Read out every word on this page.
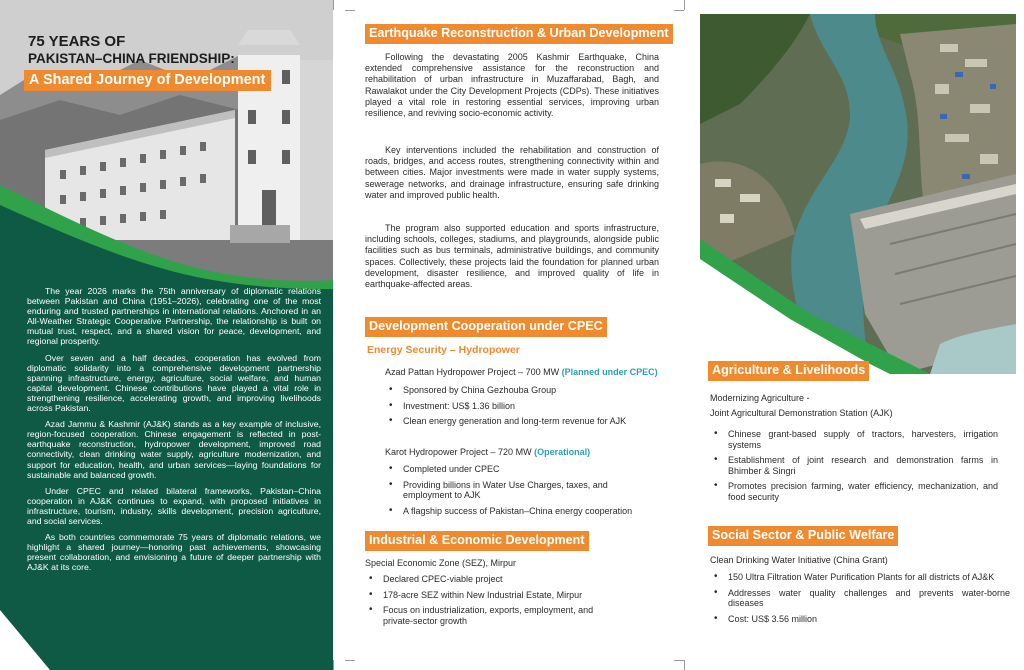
75 YEARS OF
PAKISTAN–CHINA FRIENDSHIP:
A Shared Journey of Development

The year 2026 marks the 75th anniversary of diplomatic relations between Pakistan and China (1951–2026), celebrating one of the most enduring and trusted partnerships in international relations. Anchored in an All-Weather Strategic Cooperative Partnership, the relationship is built on mutual trust, respect, and a shared vision for peace, development, and regional prosperity.

Over seven and a half decades, cooperation has evolved from diplomatic solidarity into a comprehensive development partnership spanning infrastructure, energy, agriculture, social welfare, and human capital development. Chinese contributions have played a vital role in strengthening resilience, accelerating growth, and improving livelihoods across Pakistan.

Azad Jammu & Kashmir (AJ&K) stands as a key example of inclusive, region-focused cooperation. Chinese engagement is reflected in post-earthquake reconstruction, hydropower development, improved road connectivity, clean drinking water supply, agriculture modernization, and support for education, health, and urban services—laying foundations for sustainable and balanced growth.

Under CPEC and related bilateral frameworks, Pakistan–China cooperation in AJ&K continues to expand, with proposed initiatives in infrastructure, tourism, industry, skills development, precision agriculture, and social services.

As both countries commemorate 75 years of diplomatic relations, we highlight a shared journey—honoring past achievements, showcasing present collaboration, and envisioning a future of deeper partnership with AJ&K at its core.

Earthquake Reconstruction & Urban Development

Following the devastating 2005 Kashmir Earthquake, China extended comprehensive assistance for the reconstruction and rehabilitation of urban infrastructure in Muzaffarabad, Bagh, and Rawalakot under the City Development Projects (CDPs). These initiatives played a vital role in restoring essential services, improving urban resilience, and reviving socio-economic activity.

Key interventions included the rehabilitation and construction of roads, bridges, and access routes, strengthening connectivity within and between cities. Major investments were made in water supply systems, sewerage networks, and drainage infrastructure, ensuring safe drinking water and improved public health.

The program also supported education and sports infrastructure, including schools, colleges, stadiums, and playgrounds, alongside public facilities such as bus terminals, administrative buildings, and community spaces. Collectively, these projects laid the foundation for planned urban development, disaster resilience, and improved quality of life in earthquake-affected areas.

Development Cooperation under CPEC
Energy Security – Hydropower
Azad Pattan Hydropower Project – 700 MW (Planned under CPEC)
• Sponsored by China Gezhouba Group
• Investment: US$ 1.36 billion
• Clean energy generation and long-term revenue for AJK
Karot Hydropower Project – 720 MW (Operational)
• Completed under CPEC
• Providing billions in Water Use Charges, taxes, and employment to AJK
• A flagship success of Pakistan–China energy cooperation
Industrial & Economic Development
Special Economic Zone (SEZ), Mirpur
• Declared CPEC-viable project
• 178-acre SEZ within New Industrial Estate, Mirpur
• Focus on industrialization, exports, employment, and private-sector growth
Agriculture & Livelihoods
Modernizing Agriculture -
Joint Agricultural Demonstration Station (AJK)
• Chinese grant-based supply of tractors, harvesters, irrigation systems
• Establishment of joint research and demonstration farms in Bhimber & Singri
• Promotes precision farming, water efficiency, mechanization, and food security
Social Sector & Public Welfare
Clean Drinking Water Initiative (China Grant)
• 150 Ultra Filtration Water Purification Plants for all districts of AJ&K
• Addresses water quality challenges and prevents water-borne diseases
• Cost: US$ 3.56 million
